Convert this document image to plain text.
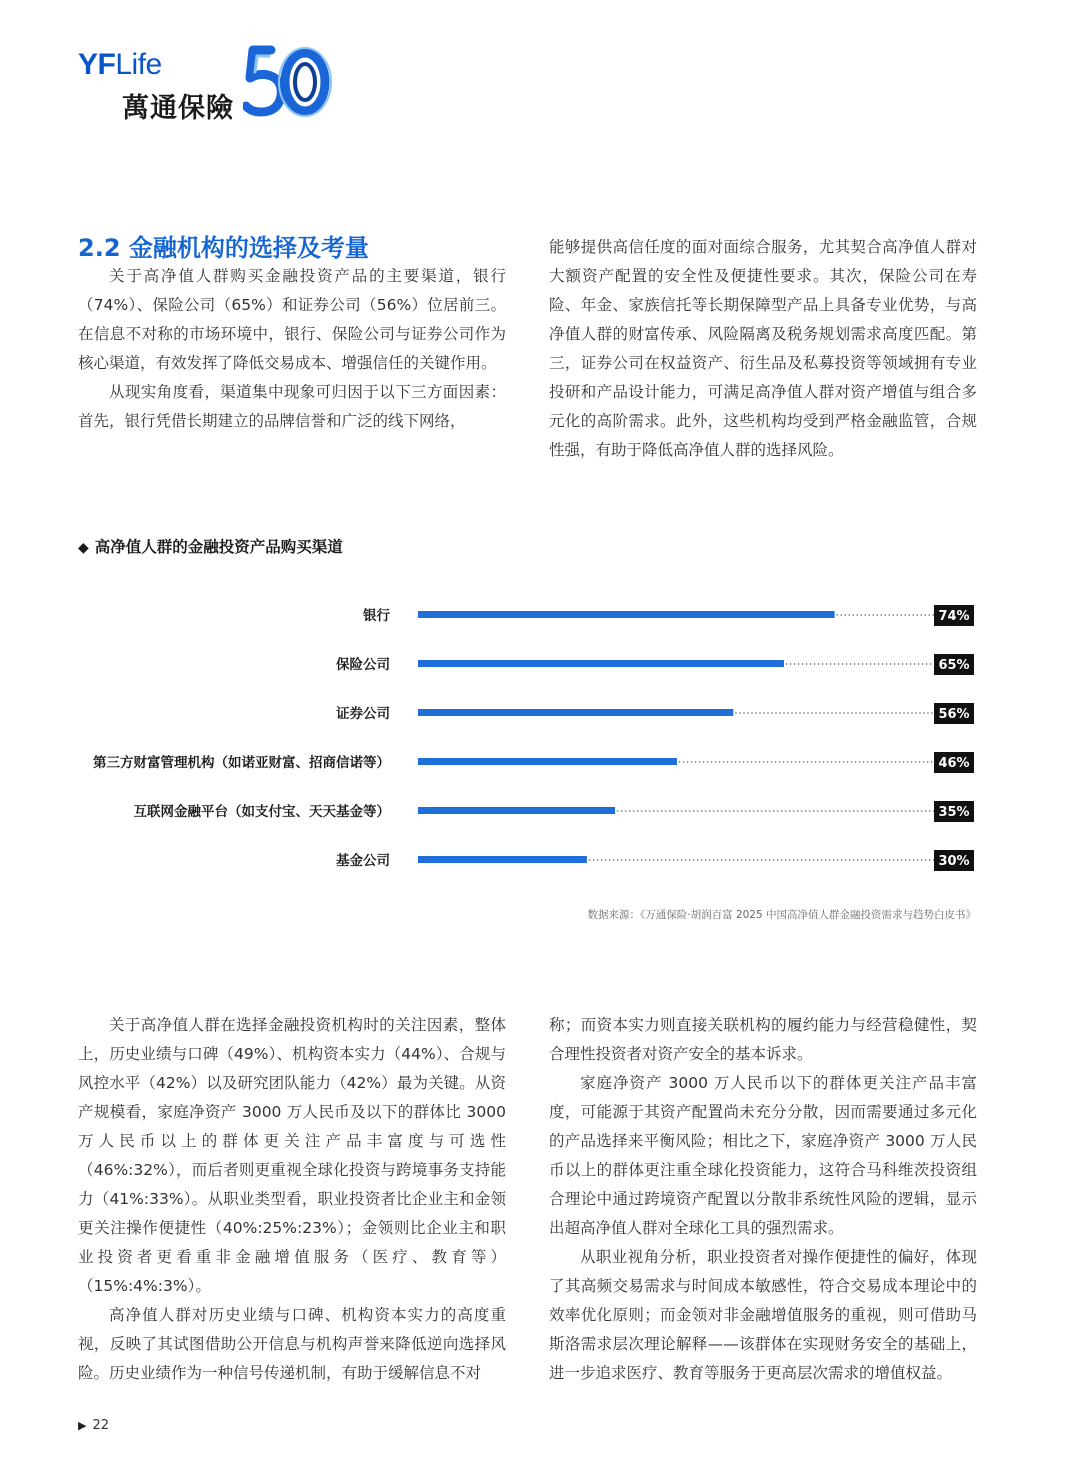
YFLife
萬通保險
2.2 金融机构的选择及考量

关于高净值人群购买金融投资产品的主要渠道，银行（74%）、保险公司（65%）和证券公司（56%）位居前三。在信息不对称的市场环境中，银行、保险公司与证券公司作为核心渠道，有效发挥了降低交易成本、增强信任的关键作用。

从现实角度看，渠道集中现象可归因于以下三方面因素：首先，银行凭借长期建立的品牌信誉和广泛的线下网络，

能够提供高信任度的面对面综合服务，尤其契合高净值人群对大额资产配置的安全性及便捷性要求。其次，保险公司在寿险、年金、家族信托等长期保障型产品上具备专业优势，与高净值人群的财富传承、风险隔离及税务规划需求高度匹配。第三，证券公司在权益资产、衍生品及私募投资等领域拥有专业投研和产品设计能力，可满足高净值人群对资产增值与组合多元化的高阶需求。此外，这些机构均受到严格金融监管，合规性强，有助于降低高净值人群的选择风险。

◆ 高净值人群的金融投资产品购买渠道
银行	74%
保险公司	65%
证券公司	56%
第三方财富管理机构（如诺亚财富、招商信诺等）	46%
互联网金融平台（如支付宝、天天基金等）	35%
基金公司	30%
数据来源：《万通保险·胡润百富 2025 中国高净值人群金融投资需求与趋势白皮书》

关于高净值人群在选择金融投资机构时的关注因素，整体上，历史业绩与口碑（49%）、机构资本实力（44%）、合规与风控水平（42%）以及研究团队能力（42%）最为关键。从资产规模看，家庭净资产 3000 万人民币及以下的群体比 3000 万人民币以上的群体更关注产品丰富度与可选性（46%:32%），而后者则更重视全球化投资与跨境事务支持能力（41%:33%）。从职业类型看，职业投资者比企业主和金领更关注操作便捷性（40%:25%:23%）；金领则比企业主和职业投资者更看重非金融增值服务（医疗、教育等）（15%:4%:3%）。

高净值人群对历史业绩与口碑、机构资本实力的高度重视，反映了其试图借助公开信息与机构声誉来降低逆向选择风险。历史业绩作为一种信号传递机制，有助于缓解信息不对

称；而资本实力则直接关联机构的履约能力与经营稳健性，契合理性投资者对资产安全的基本诉求。

家庭净资产 3000 万人民币以下的群体更关注产品丰富度，可能源于其资产配置尚未充分分散，因而需要通过多元化的产品选择来平衡风险；相比之下，家庭净资产 3000 万人民币以上的群体更注重全球化投资能力，这符合马科维茨投资组合理论中通过跨境资产配置以分散非系统性风险的逻辑，显示出超高净值人群对全球化工具的强烈需求。

从职业视角分析，职业投资者对操作便捷性的偏好，体现了其高频交易需求与时间成本敏感性，符合交易成本理论中的效率优化原则；而金领对非金融增值服务的重视，则可借助马斯洛需求层次理论解释——该群体在实现财务安全的基础上，进一步追求医疗、教育等服务于更高层次需求的增值权益。

▶ 22
